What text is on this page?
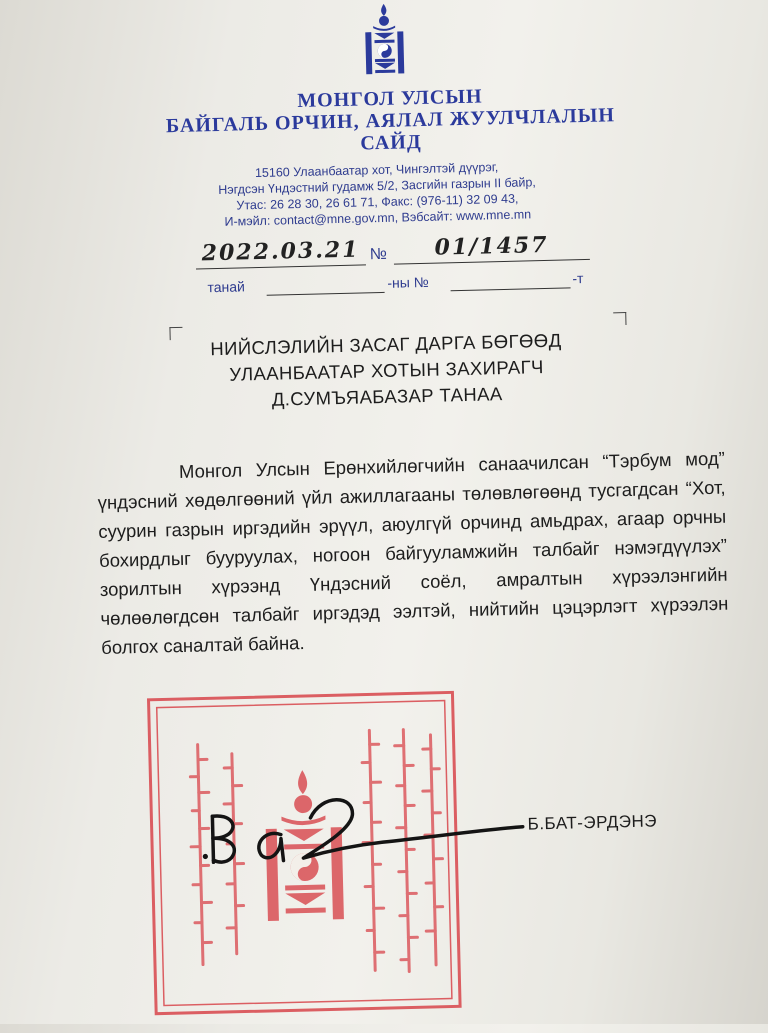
МОНГОЛ УЛСЫН
БАЙГАЛЬ ОРЧИН, АЯЛАЛ ЖУУЛЧЛАЛЫН
САЙД
15160 Улаанбаатар хот, Чингэлтэй дүүрэг,
Нэгдсэн Үндэстний гудамж 5/2, Засгийн газрын II байр,
Утас: 26 28 30, 26 61 71, Факс: (976-11) 32 09 43,
И-мэйл: contact@mne.gov.mn, Вэбсайт: www.mne.mn
2022.03.21 №	01/1457
танай	-ны №	-т
НИЙСЛЭЛИЙН ЗАСАГ ДАРГА БӨГӨӨД
УЛААНБААТАР ХОТЫН ЗАХИРАГЧ
Д.СУМЪЯАБАЗАР ТАНАА
Монгол Улсын Ерөнхийлөгчийн санаачилсан “Тэрбум мод” үндэсний хөдөлгөөний үйл ажиллагааны төлөвлөгөөнд тусгагдсан “Хот, суурин газрын иргэдийн эрүүл, аюулгүй орчинд амьдрах, агаар орчны бохирдлыг бууруулах, ногоон байгууламжийн талбайг нэмэгдүүлэх” зорилтын хүрээнд Үндэсний соёл, амралтын хүрээлэнгийн чөлөөлөгдсөн талбайг иргэдэд ээлтэй, нийтийн цэцэрлэгт хүрээлэн болгох саналтай байна.
Б.БАТ-ЭРДЭНЭ
